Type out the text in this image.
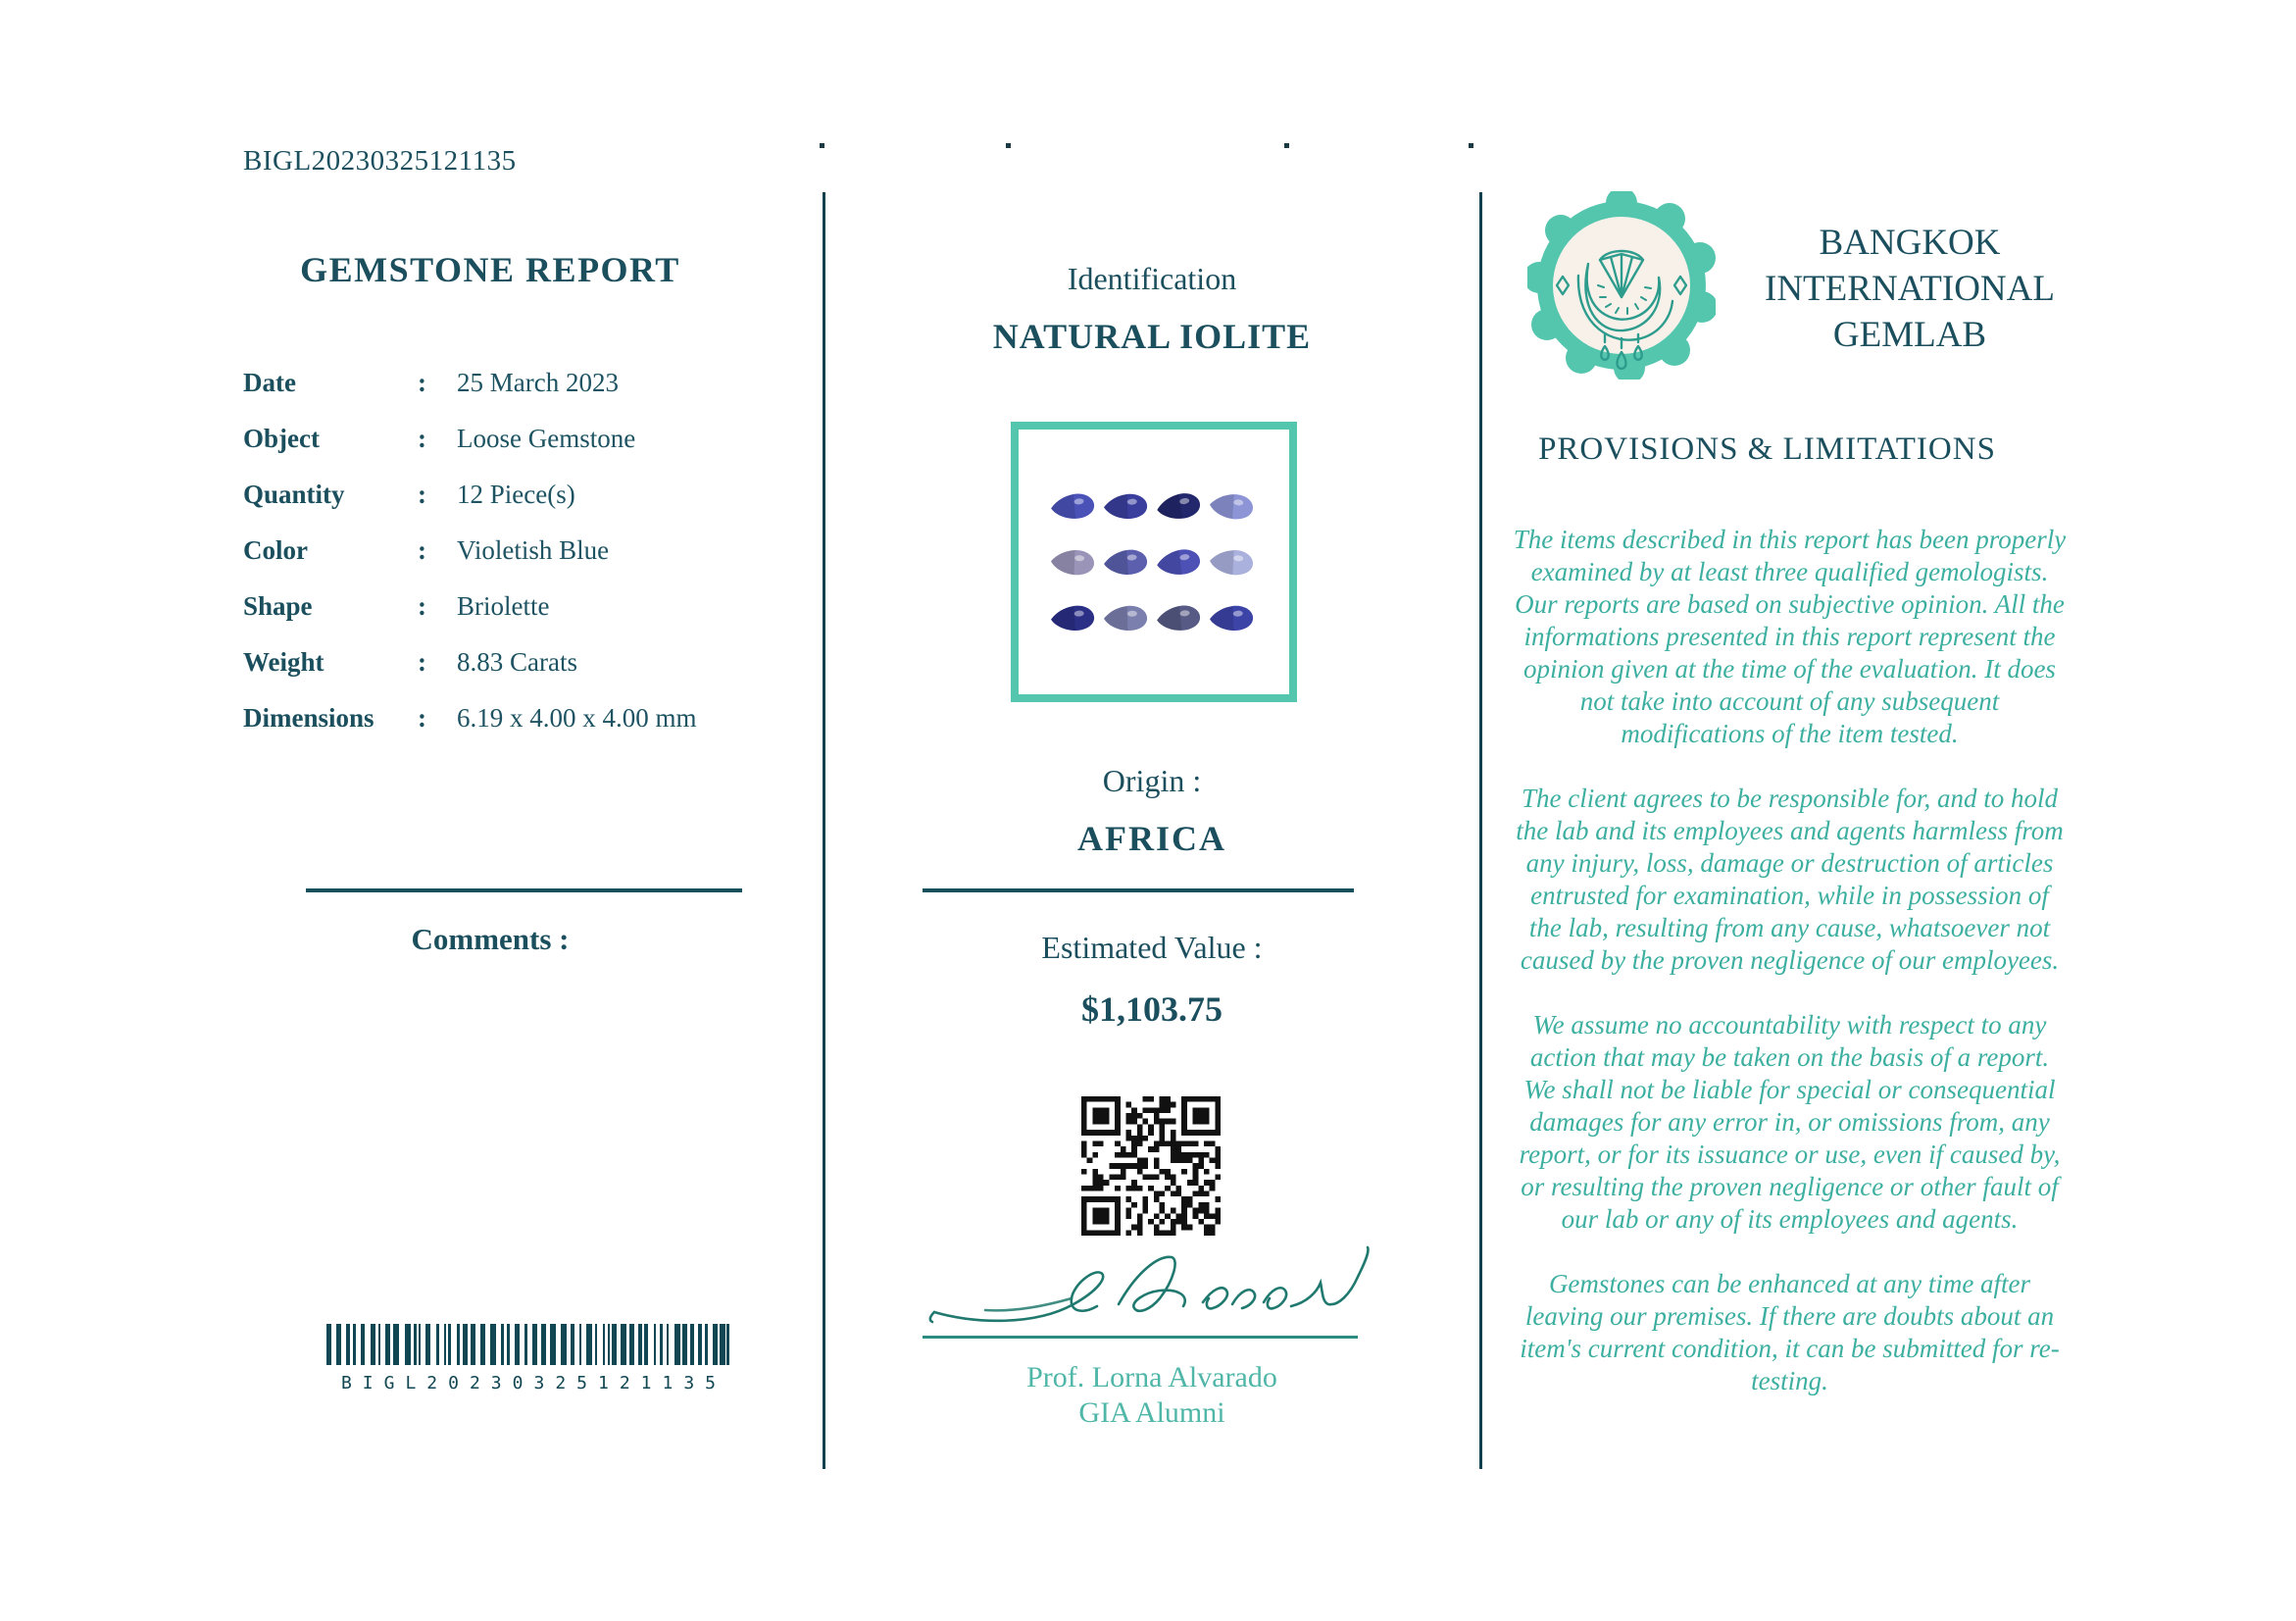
BIGL20230325121135
GEMSTONE REPORT
Date	:	25 March 2023
Object	:	Loose Gemstone
Quantity	:	12 Piece(s)
Color	:	Violetish Blue
Shape	:	Briolette
Weight	:	8.83 Carats
Dimensions	:	6.19 x 4.00 x 4.00 mm
Comments :
BIGL20230325121135
Identification
NATURAL IOLITE
Origin :
AFRICA
Estimated Value :
$1,103.75
Prof. Lorna Alvarado
GIA Alumni
BANGKOK
INTERNATIONAL
GEMLAB
PROVISIONS & LIMITATIONS

The items described in this report has been properly examined by at least three qualified gemologists. Our reports are based on subjective opinion. All the informations presented in this report represent the opinion given at the time of the evaluation. It does not take into account of any subsequent modifications of the item tested.

The client agrees to be responsible for, and to hold the lab and its employees and agents harmless from any injury, loss, damage or destruction of articles entrusted for examination, while in possession of the lab, resulting from any cause, whatsoever not caused by the proven negligence of our employees.

We assume no accountability with respect to any action that may be taken on the basis of a report. We shall not be liable for special or consequential damages for any error in, or omissions from, any report, or for its issuance or use, even if caused by, or resulting the proven negligence or other fault of our lab or any of its employees and agents.

Gemstones can be enhanced at any time after leaving our premises. If there are doubts about an item's current condition, it can be submitted for re-testing.
